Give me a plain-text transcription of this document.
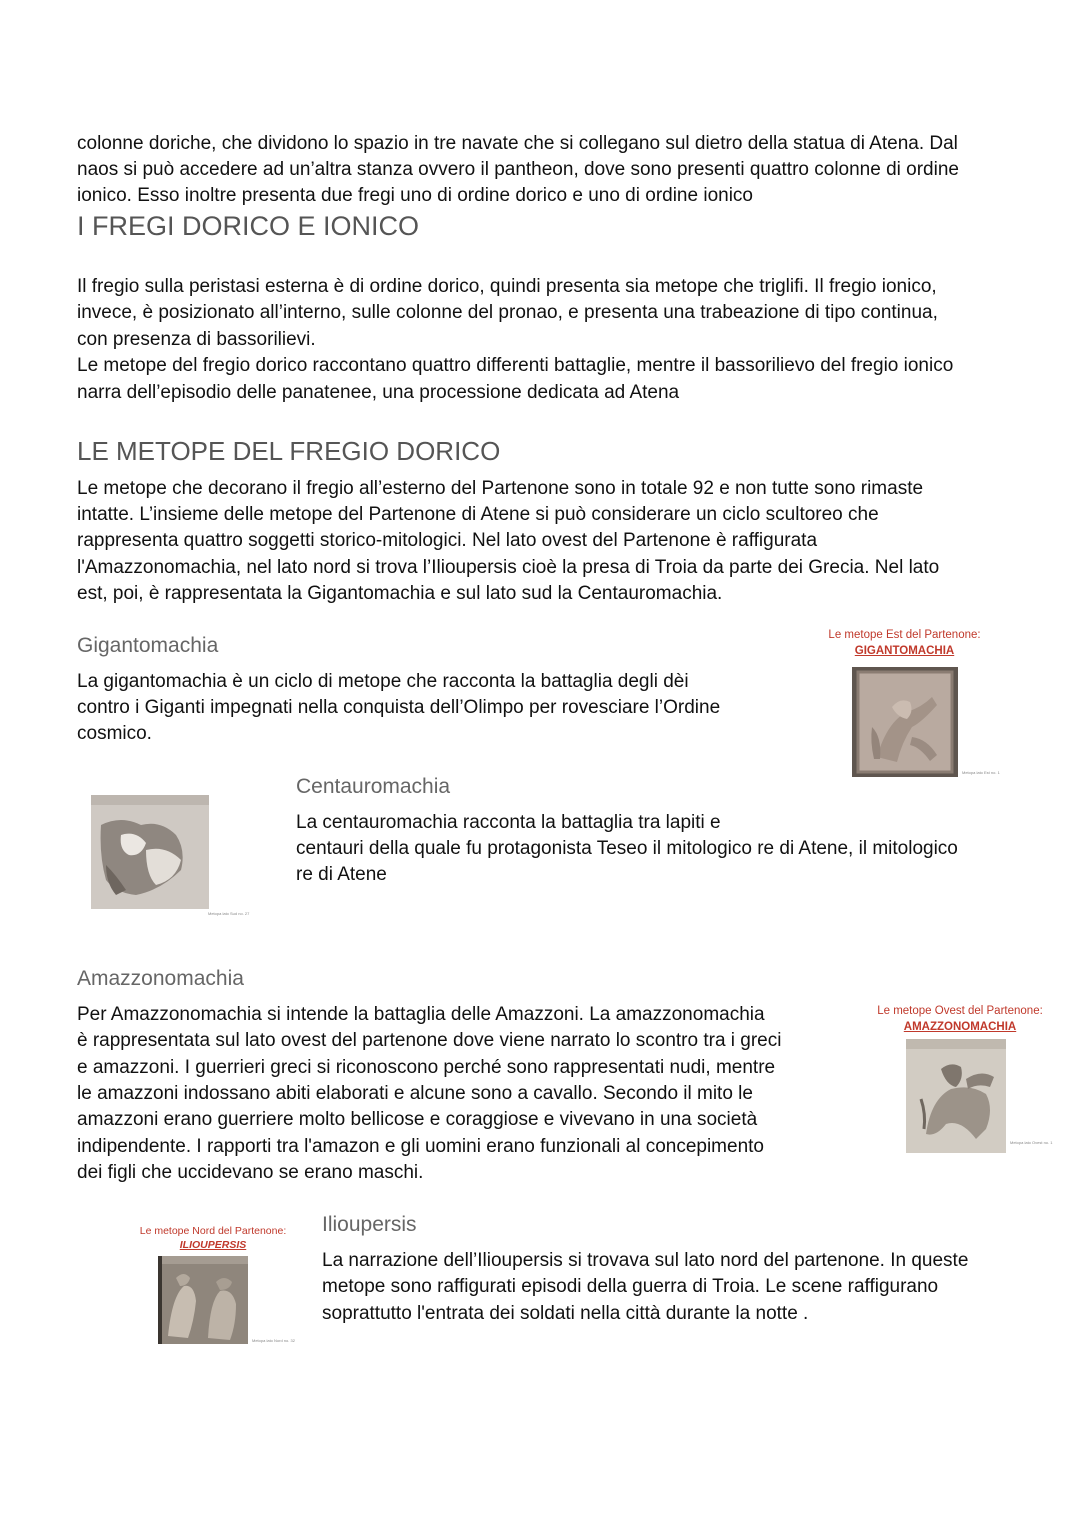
colonne doriche, che dividono lo spazio in tre navate che si collegano sul dietro della statua di Atena. Dal
naos si può accedere ad un’altra stanza ovvero il pantheon, dove sono presenti quattro colonne di ordine
ionico. Esso inoltre presenta due fregi uno di ordine dorico e uno di ordine ionico
I FREGI DORICO E IONICO
Il fregio sulla peristasi esterna è di ordine dorico, quindi presenta sia metope che triglifi. Il fregio ionico,
invece, è posizionato all’interno, sulle colonne del pronao, e presenta una trabeazione di tipo continua,
con presenza di bassorilievi.
Le metope del fregio dorico raccontano quattro differenti battaglie, mentre il bassorilievo del fregio ionico
narra dell’episodio delle panatenee, una processione dedicata ad Atena
LE METOPE DEL FREGIO DORICO
Le metope che decorano il fregio all’esterno del Partenone sono in totale 92 e non tutte sono rimaste
intatte. L’insieme delle metope del Partenone di Atene si può considerare un ciclo scultoreo che
rappresenta quattro soggetti storico-mitologici. Nel lato ovest del Partenone è raffigurata
l'Amazzonomachia, nel lato nord si trova l’Ilioupersis cioè la presa di Troia da parte dei Grecia. Nel lato
est, poi, è rappresentata la Gigantomachia e sul lato sud la Centauromachia.
Gigantomachia
La gigantomachia è un ciclo di metope che racconta la battaglia degli dèi
contro i Giganti impegnati nella conquista dell’Olimpo per rovesciare l’Ordine
cosmico.
Le metope Est del Partenone:
GIGANTOMACHIA
Metopa lato Est no. 1
Metopa lato Sud no. 27
Centauromachia
La centauromachia racconta la battaglia tra lapiti e
centauri della quale fu protagonista Teseo il mitologico re di Atene, il mitologico
re di Atene
Amazzonomachia
Per Amazzonomachia si intende la battaglia delle Amazzoni. La amazzonomachia
è rappresentata sul lato ovest del partenone dove viene narrato lo scontro tra i greci
e amazzoni. I guerrieri greci si riconoscono perché sono rappresentati nudi, mentre
le amazzoni indossano abiti elaborati e alcune sono a cavallo. Secondo il mito le
amazzoni erano guerriere molto bellicose e coraggiose e vivevano in una società
indipendente. I rapporti tra l'amazon e gli uomini erano funzionali al concepimento
dei figli che uccidevano se erano maschi.
Le metope Ovest del Partenone:
AMAZZONOMACHIA
Metopa lato Ovest no. 1
Le metope Nord del Partenone:
ILIOUPERSIS
Metopa lato Nord no. 32
Ilioupersis
La narrazione dell’Ilioupersis si trovava sul lato nord del partenone. In queste
metope sono raffigurati episodi della guerra di Troia. Le scene raffigurano
soprattutto l'entrata dei soldati nella città durante la notte .
